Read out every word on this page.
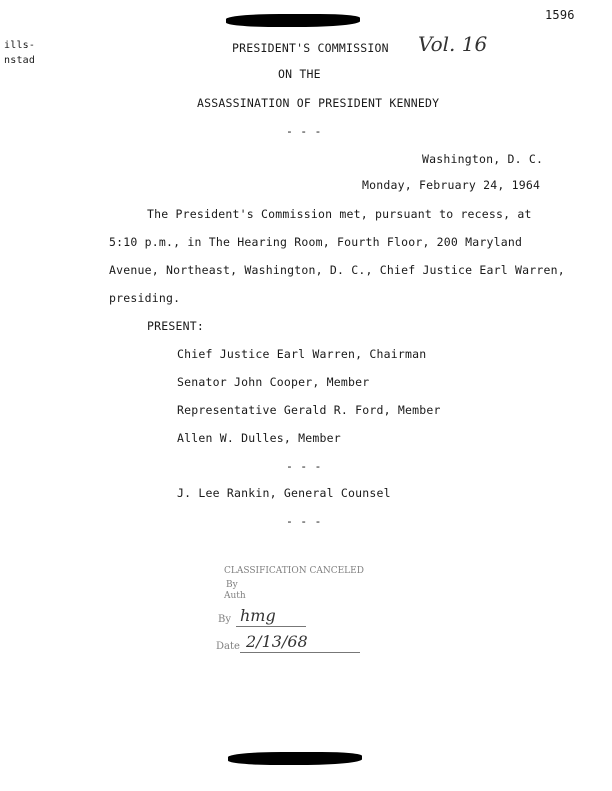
1596
ills-
nstad
PRESIDENT'S COMMISSION Vol. 16
ON THE
ASSASSINATION OF PRESIDENT KENNEDY
- - -
Washington, D. C.
Monday, February 24, 1964
The President's Commission met, pursuant to recess, at
5:10 p.m., in The Hearing Room, Fourth Floor, 200 Maryland
Avenue, Northeast, Washington, D. C., Chief Justice Earl Warren,
presiding.
PRESENT:
Chief Justice Earl Warren, Chairman
Senator John Cooper, Member
Representative Gerald R. Ford, Member
Allen W. Dulles, Member
- - -
J. Lee Rankin, General Counsel
- - -
CLASSIFICATION CANCELED
By
Auth
By hmg
Date 2/13/68
